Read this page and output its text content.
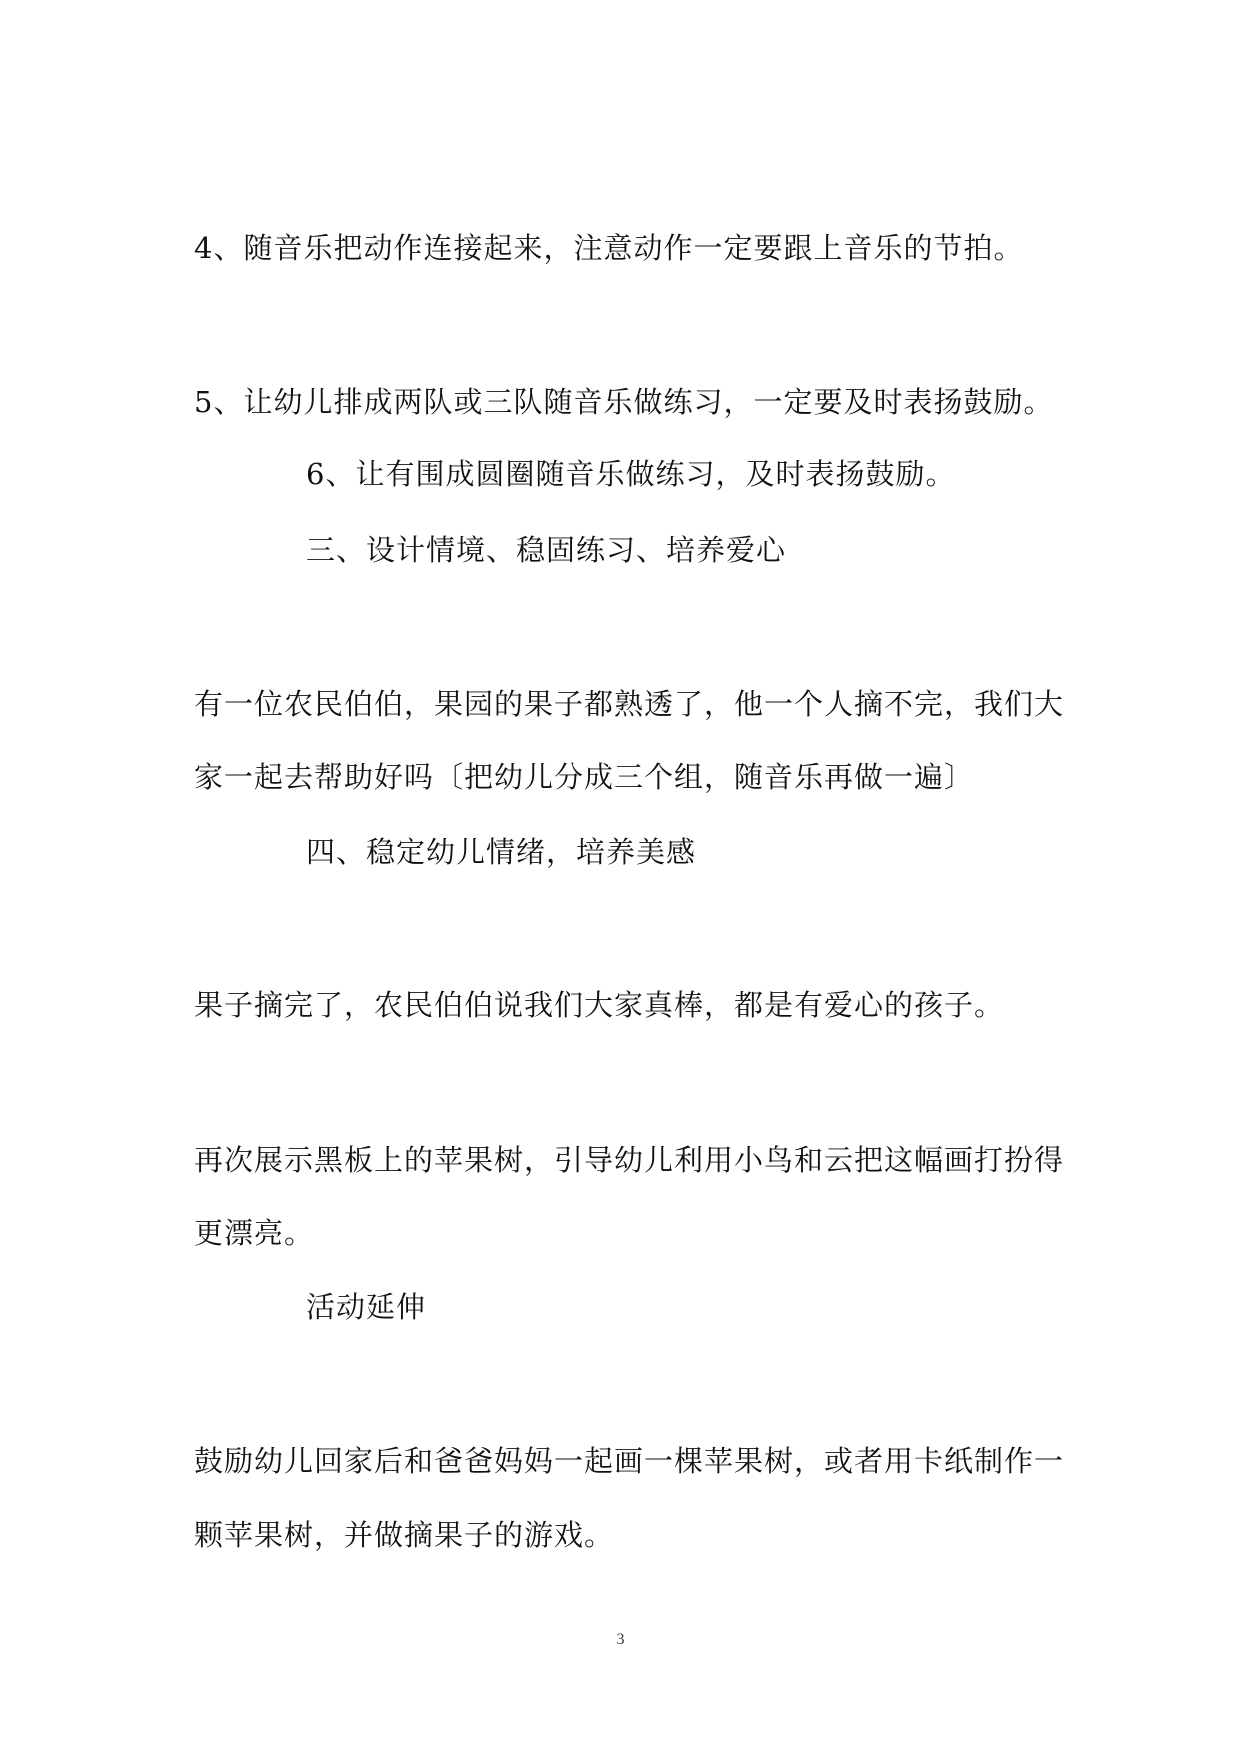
4、随音乐把动作连接起来，注意动作一定要跟上音乐的节拍。
5、让幼儿排成两队或三队随音乐做练习，一定要及时表扬鼓励。
6、让有围成圆圈随音乐做练习，及时表扬鼓励。
三、设计情境、稳固练习、培养爱心
有一位农民伯伯，果园的果子都熟透了，他一个人摘不完，我们大
家一起去帮助好吗〔把幼儿分成三个组，随音乐再做一遍〕
四、稳定幼儿情绪，培养美感
果子摘完了，农民伯伯说我们大家真棒，都是有爱心的孩子。
再次展示黑板上的苹果树，引导幼儿利用小鸟和云把这幅画打扮得
更漂亮。
活动延伸
鼓励幼儿回家后和爸爸妈妈一起画一棵苹果树，或者用卡纸制作一
颗苹果树，并做摘果子的游戏。
3
